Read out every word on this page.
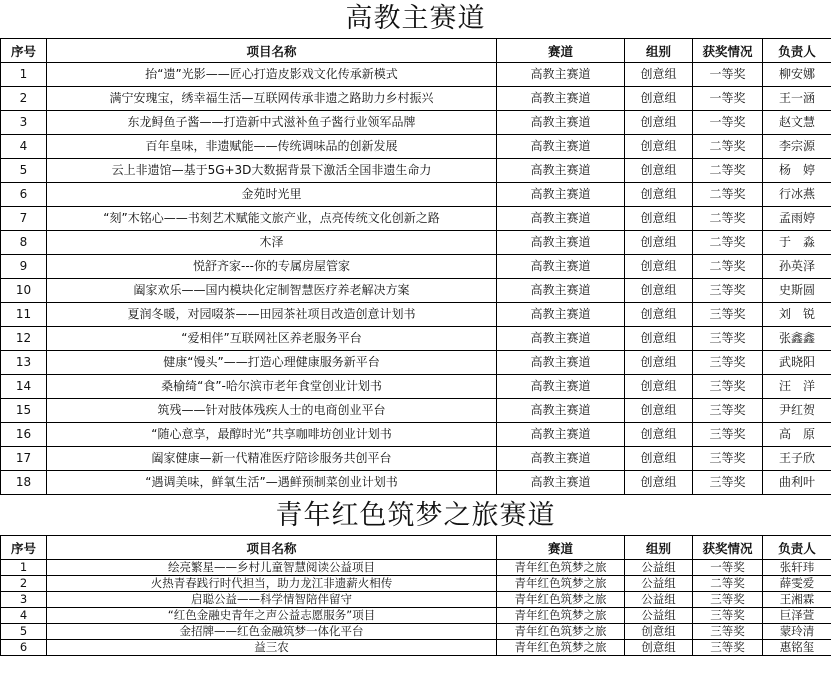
高教主赛道
序号	项目名称	赛道	组别	获奖情况	负责人
1	抬“遗”光影——匠心打造皮影戏文化传承新模式	高教主赛道	创意组	一等奖	柳安娜
2	满宁安瑰宝，绣幸福生活—互联网传承非遗之路助力乡村振兴	高教主赛道	创意组	一等奖	王一涵
3	东龙鲟鱼子酱——打造新中式滋补鱼子酱行业领军品牌	高教主赛道	创意组	一等奖	赵文慧
4	百年皇味，非遗赋能——传统调味品的创新发展	高教主赛道	创意组	二等奖	李宗源
5	云上非遗馆—基于5G+3D大数据背景下激活全国非遗生命力	高教主赛道	创意组	二等奖	杨　婷
6	金苑时光里	高教主赛道	创意组	二等奖	行冰燕
7	“刻”木铭心——书刻艺术赋能文旅产业，点亮传统文化创新之路	高教主赛道	创意组	二等奖	孟雨婷
8	木泽	高教主赛道	创意组	二等奖	于　淼
9	悦舒齐家---你的专属房屋管家	高教主赛道	创意组	二等奖	孙英泽
10	阖家欢乐——国内模块化定制智慧医疗养老解决方案	高教主赛道	创意组	三等奖	史斯圆
11	夏润冬暖，对园啜茶——田园茶社项目改造创意计划书	高教主赛道	创意组	三等奖	刘　锐
12	“爱相伴”互联网社区养老服务平台	高教主赛道	创意组	三等奖	张鑫鑫
13	健康“馒头”——打造心理健康服务新平台	高教主赛道	创意组	三等奖	武晓阳
14	桑榆绮“食”-哈尔滨市老年食堂创业计划书	高教主赛道	创意组	三等奖	汪　洋
15	筑残——针对肢体残疾人士的电商创业平台	高教主赛道	创意组	三等奖	尹红贺
16	“随心意享，最醇时光”共享咖啡坊创业计划书	高教主赛道	创意组	三等奖	高　原
17	阖家健康—新一代精准医疗陪诊服务共创平台	高教主赛道	创意组	三等奖	王子欣
18	“遇调美味，鲜氧生活”—遇鲜预制菜创业计划书	高教主赛道	创意组	三等奖	曲利叶
青年红色筑梦之旅赛道
序号	项目名称	赛道	组别	获奖情况	负责人
1	绘亮繁星——乡村儿童智慧阅读公益项目	青年红色筑梦之旅	公益组	一等奖	张轩玮
2	火热青春践行时代担当，助力龙江非遗薪火相传	青年红色筑梦之旅	公益组	二等奖	薛雯爱
3	启聪公益——科学情智陪伴留守	青年红色筑梦之旅	公益组	三等奖	王湘霖
4	“红色金融史青年之声公益志愿服务”项目	青年红色筑梦之旅	公益组	三等奖	巨泽萱
5	金招牌——红色金融筑梦一体化平台	青年红色筑梦之旅	创意组	三等奖	蒙玲清
6	益三农	青年红色筑梦之旅	创意组	三等奖	惠铭玺
